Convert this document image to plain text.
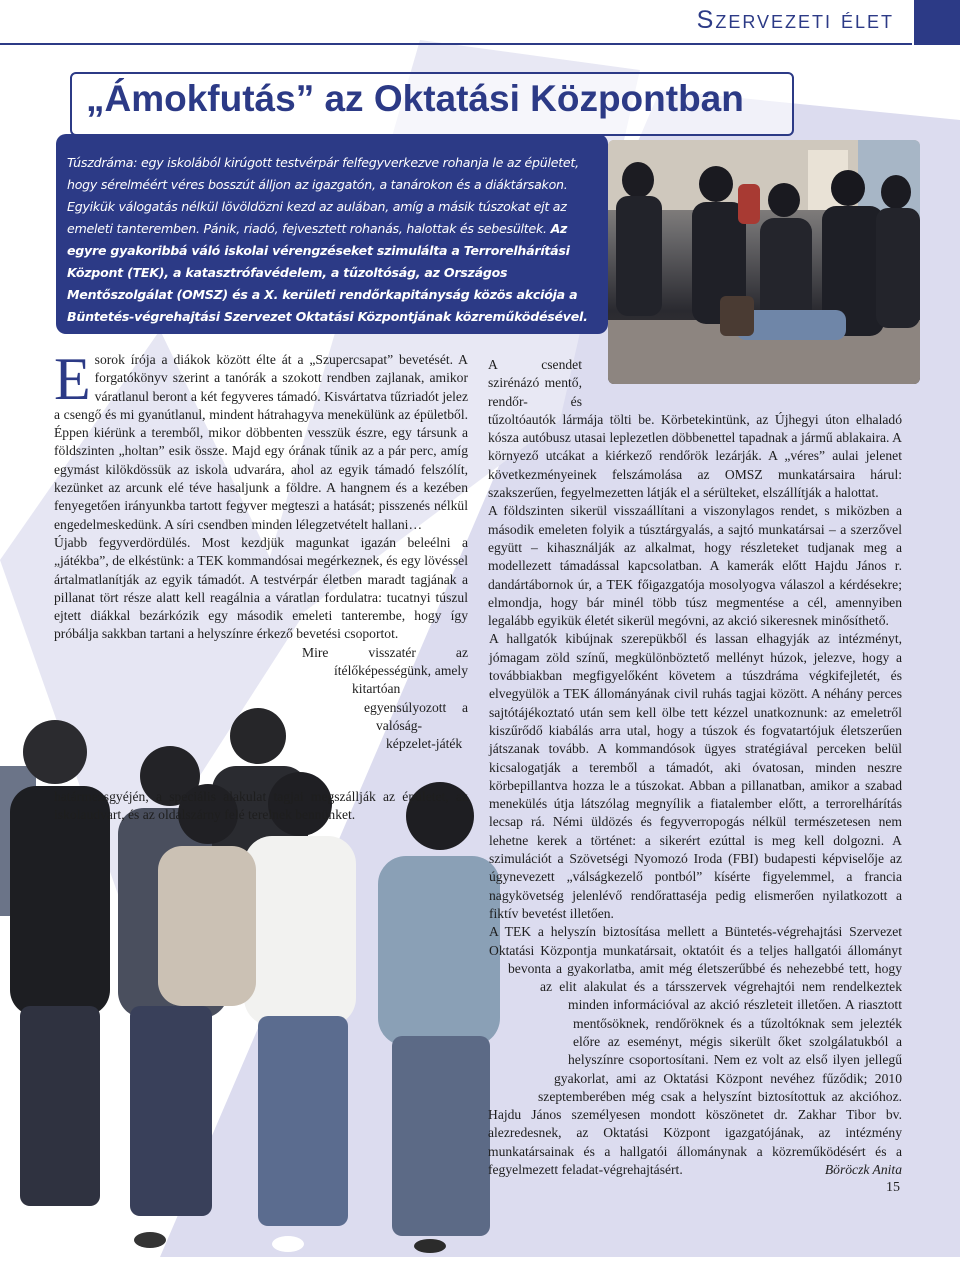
Szervezeti élet
„Ámokfutás” az Oktatási Központban

Túszdráma: egy iskolából kirúgott testvérpár felfegyverkezve rohanja le az épületet, hogy sérelméért véres bosszút álljon az igazgatón, a tanárokon és a diáktársakon. Egyikük válogatás nélkül lövöldözni kezd az aulában, amíg a másik túszokat ejt az emeleti tanteremben. Pánik, riadó, fejvesztett rohanás, halottak és sebesültek. Az egyre gyakoribbá váló iskolai vérengzéseket szimulálta a Terrorelhárítási Központ (TEK), a katasztrófavédelem, a tűzoltóság, az Országos Mentőszolgálat (OMSZ) és a X. kerületi rendőrkapitányság közös akciója a Büntetés-végrehajtási Szervezet Oktatási Központjának közreműködésével.

Esorok írója a diákok között élte át a „Szupercsapat” bevetését. A forgatókönyv szerint a tanórák a szokott rendben zajlanak, amikor váratlanul beront a két fegyveres támadó. Kisvártatva tűzriadót jelez a csengő és mi gyanútlanul, mindent hátrahagyva menekülünk az épületből. Éppen kiérünk a teremből, mikor döbbenten vesszük észre, egy társunk a földszinten „holtan” esik össze. Majd egy órának tűnik az a pár perc, amíg egymást kilökdössük az iskola udvarára, ahol az egyik támadó felszólít, kezünket az arcunk elé téve hasaljunk a földre. A hangnem és a kezében fenyegetően irányunkba tartott fegyver megteszi a hatását; pisszenés nélkül engedelmeskedünk. A síri csendben minden lélegzetvételt hallani…

Újabb fegyverdördülés. Most kezdjük magunkat igazán beleélni a „játékba”, de elkéstünk: a TEK kommandósai megérkeznek, és egy lövéssel ártalmatlanítják az egyik támadót. A testvérpár életben maradt tagjának a pillanat tört része alatt kell reagálnia a váratlan fordulatra: tucatnyi túszul ejtett diákkal bezárkózik egy második emeleti tanterembe, hogy így próbálja sakkban tartani a helyszínre érkező bevetési csoportot.

Mire visszatér az ítélőképességünk, amely kitartóan egyensúlyozott a valóság-képzelet-játék határmezsgyéjén, a speciális alakulat tagjai megszállják az épületet, az iskolaudvart, és az oldalszárny felé terelnek bennünket.

A csendet szirénázó mentő, rendőr- és tűzoltóautók lármája tölti be. Körbetekintünk, az Újhegyi úton elhaladó kósza autóbusz utasai leplezetlen döbbenettel tapadnak a jármű ablakaira. A környező utcákat a kiérkező rendőrök lezárják. A „véres” aulai jelenet következményeinek felszámolása az OMSZ munkatársaira hárul: szakszerűen, fegyelmezetten látják el a sérülteket, elszállítják a halottat.

A földszinten sikerül visszaállítani a viszonylagos rendet, s miközben a második emeleten folyik a túsztárgyalás, a sajtó munkatársai – a szerzővel együtt – kihasználják az alkalmat, hogy részleteket tudjanak meg a modellezett támadással kapcsolatban. A kamerák előtt Hajdu János r. dandártábornok úr, a TEK főigazgatója mosolyogva válaszol a kérdésekre; elmondja, hogy bár minél több túsz megmentése a cél, amennyiben legalább egyikük életét sikerül megóvni, az akció sikeresnek minősíthető.

A hallgatók kibújnak szerepükből és lassan elhagyják az intézményt, jómagam zöld színű, megkülönböztető mellényt húzok, jelezve, hogy a továbbiakban megfigyelőként követem a túszdráma végkifejletét, és elvegyülök a TEK állományának civil ruhás tagjai között. A néhány perces sajtótájékoztató után sem kell ölbe tett kézzel unatkoznunk: az emeletről kiszűrődő kiabálás arra utal, hogy a túszok és fogvatartójuk életszerűen játszanak tovább. A kommandósok ügyes stratégiával perceken belül kicsalogatják a teremből a támadót, aki óvatosan, minden neszre körbepillantva hozza le a túszokat. Abban a pillanatban, amikor a szabad menekülés útja látszólag megnyílik a fiatalember előtt, a terrorelhárítás lecsap rá. Némi üldözés és fegyverropogás nélkül természetesen nem lehetne kerek a történet: a sikerért ezúttal is meg kell dolgozni. A szimulációt a Szövetségi Nyomozó Iroda (FBI) budapesti képviselője az úgynevezett „válságkezelő pontból” kísérte figyelemmel, a francia nagykövetség jelenlévő rendőrattaséja pedig elismerően nyilatkozott a fiktív bevetést illetően.

A TEK a helyszín biztosítása mellett a Büntetés-végrehajtási Szervezet Oktatási Központja munkatársait, oktatóit és a teljes hallgatói állományt bevonta a gyakorlatba, amit még életszerűbbé és nehezebbé tett, hogy az elit alakulat és a társszervek végrehajtói nem rendelkeztek minden információval az akció részleteit illetően. A riasztott mentősöknek, rendőröknek és a tűzoltóknak sem jelezték előre az eseményt, mégis sikerült őket szolgálatukból a helyszínre csoportosítani. Nem ez volt az első ilyen jellegű gyakorlat, ami az Oktatási Központ nevéhez fűződik; 2010 szeptemberében még csak a helyszínt biztosítottuk az akcióhoz. Hajdu János személyesen mondott köszönetet dr. Zakhar Tibor bv. alezredesnek, az Oktatási Központ igazgatójának, az intézmény munkatársainak és a hallgatói állománynak a közreműködésért és a fegyelmezett feladat-végrehajtásért.	Böröczk Anita

15
